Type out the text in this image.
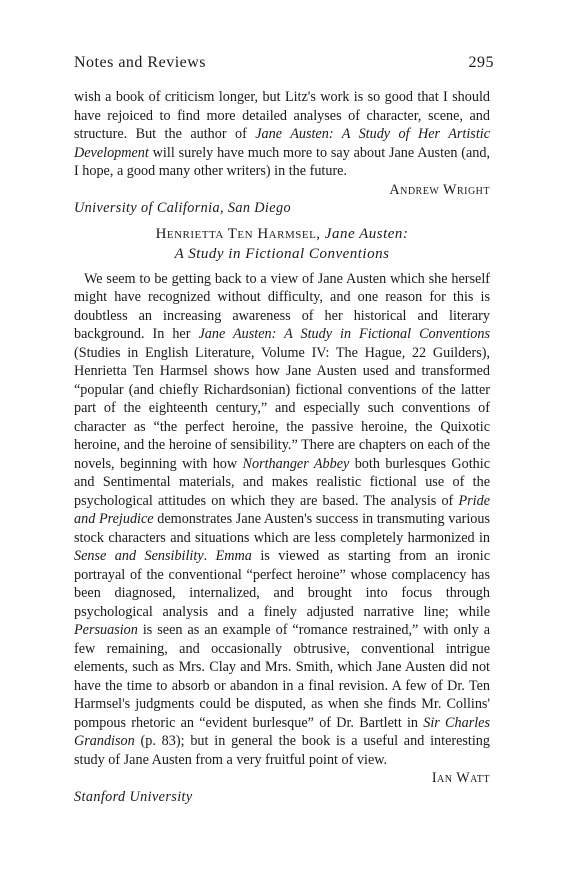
Notes and Reviews	295

wish a book of criticism longer, but Litz's work is so good that I should have rejoiced to find more detailed analyses of character, scene, and structure. But the author of Jane Austen: A Study of Her Artistic Development will surely have much more to say about Jane Austen (and, I hope, a good many other writers) in the future.

Andrew Wright

University of California, San Diego

Henrietta Ten Harmsel, Jane Austen:
A Study in Fictional Conventions

We seem to be getting back to a view of Jane Austen which she herself might have recognized without difficulty, and one reason for this is doubtless an increasing awareness of her historical and literary background. In her Jane Austen: A Study in Fictional Conventions (Studies in English Literature, Volume IV: The Hague, 22 Guilders), Henrietta Ten Harmsel shows how Jane Austen used and transformed “popular (and chiefly Richardsonian) fictional conventions of the latter part of the eighteenth century,” and especially such conventions of character as “the perfect heroine, the passive heroine, the Quixotic heroine, and the heroine of sensibility.” There are chapters on each of the novels, beginning with how Northanger Abbey both burlesques Gothic and Sentimental materials, and makes realistic fictional use of the psychological attitudes on which they are based. The analysis of Pride and Prejudice demonstrates Jane Austen's success in transmuting various stock characters and situations which are less completely harmonized in Sense and Sensibility. Emma is viewed as starting from an ironic portrayal of the conventional “perfect heroine” whose complacency has been diagnosed, internalized, and brought into focus through psychological analysis and a finely adjusted narrative line; while Persuasion is seen as an example of “romance restrained,” with only a few remaining, and occasionally obtrusive, conventional intrigue elements, such as Mrs. Clay and Mrs. Smith, which Jane Austen did not have the time to absorb or abandon in a final revision. A few of Dr. Ten Harmsel's judgments could be disputed, as when she finds Mr. Collins' pompous rhetoric an “evident burlesque” of Dr. Bartlett in Sir Charles Grandison (p. 83); but in general the book is a useful and interesting study of Jane Austen from a very fruitful point of view.

Ian Watt

Stanford University
